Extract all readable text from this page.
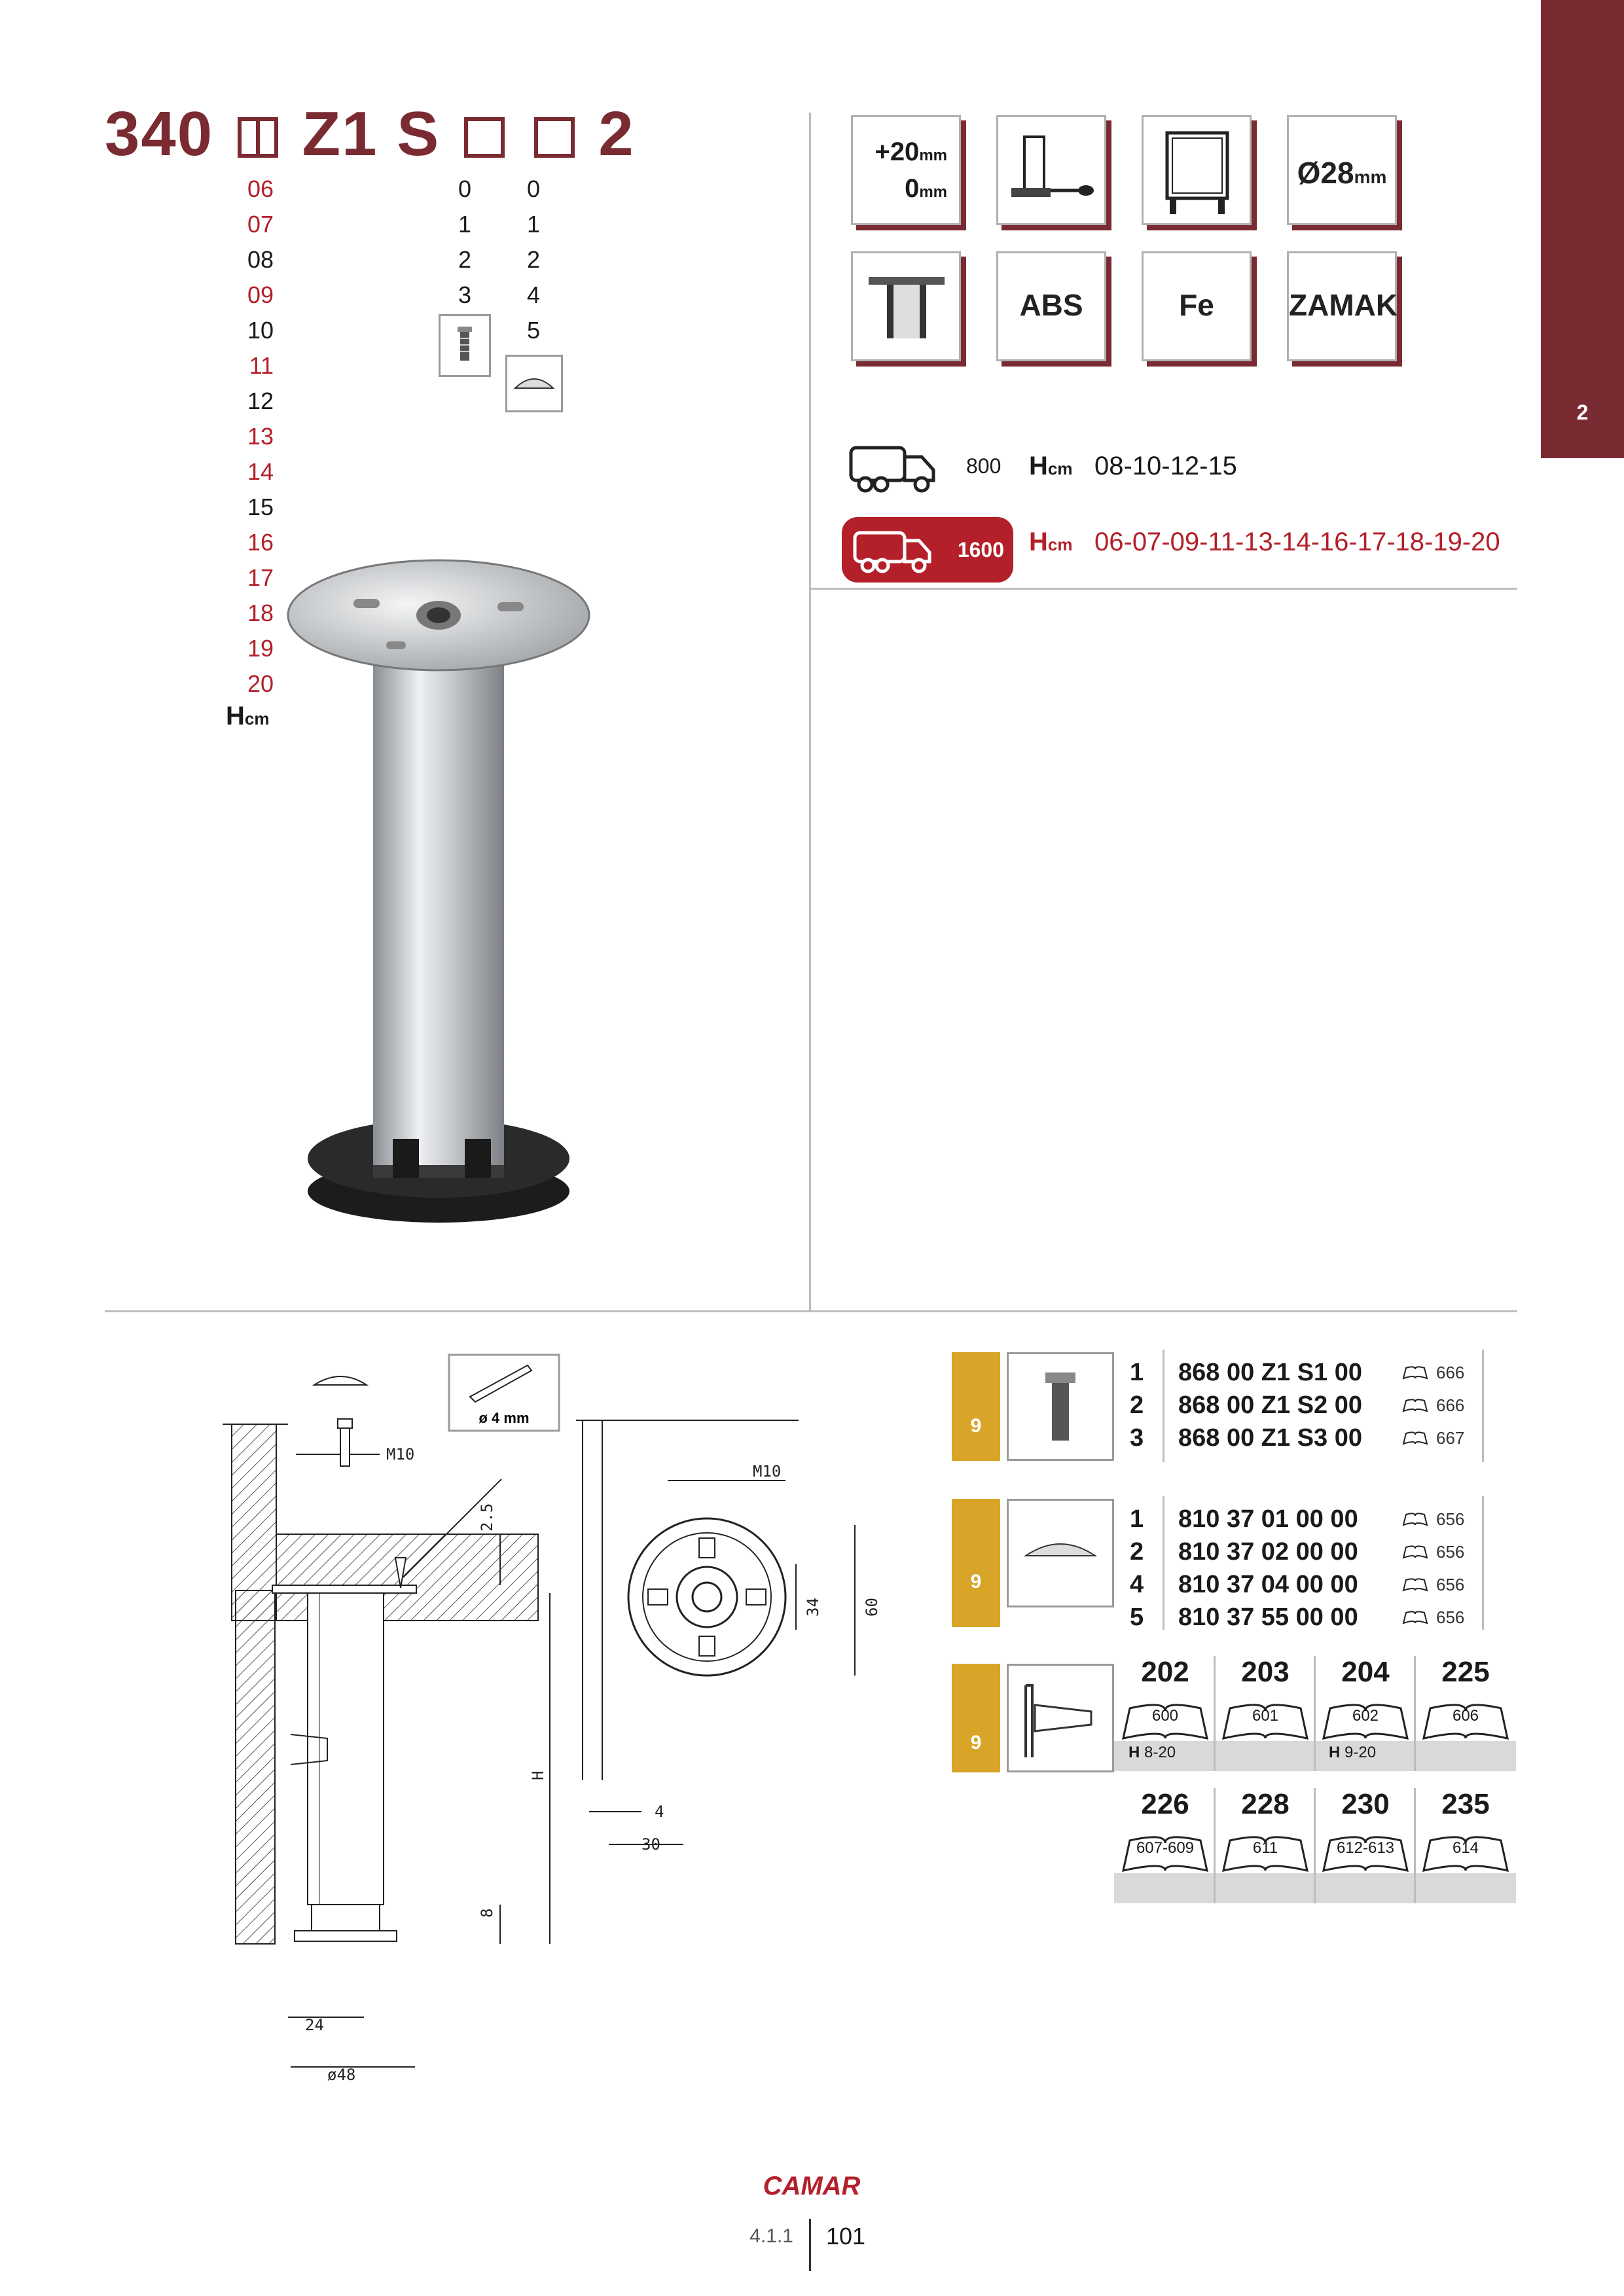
2
340 Z1 S	2
06
07
08
09
10
11
12
13
14
15
16
17
18
19
20
Hcm
0
1
2
3
0
1
2
4
5
+20mm
0mm
Ø28mm
ABS	Fe	ZAMAK
800 Hcm 08-10-12-15
1600 Hcm 06-07-09-11-13-14-16-17-18-19-20
ø 4 mm
M10
2.5
H
8
24
ø48
M10
34	60
4
30
9
1 868 00 Z1 S1 00	666
2 868 00 Z1 S2 00	666
3 868 00 Z1 S3 00	667
9
1 810 37 01 00 00	656
2 810 37 02 00 00	656
4 810 37 04 00 00	656
5 810 37 55 00 00	656
9
202
600
H 8-20
203
601
204
602
H 9-20
225
606
226
607-609
228
611
230
612-613
235
614
CAMAR
4.1.1 101
